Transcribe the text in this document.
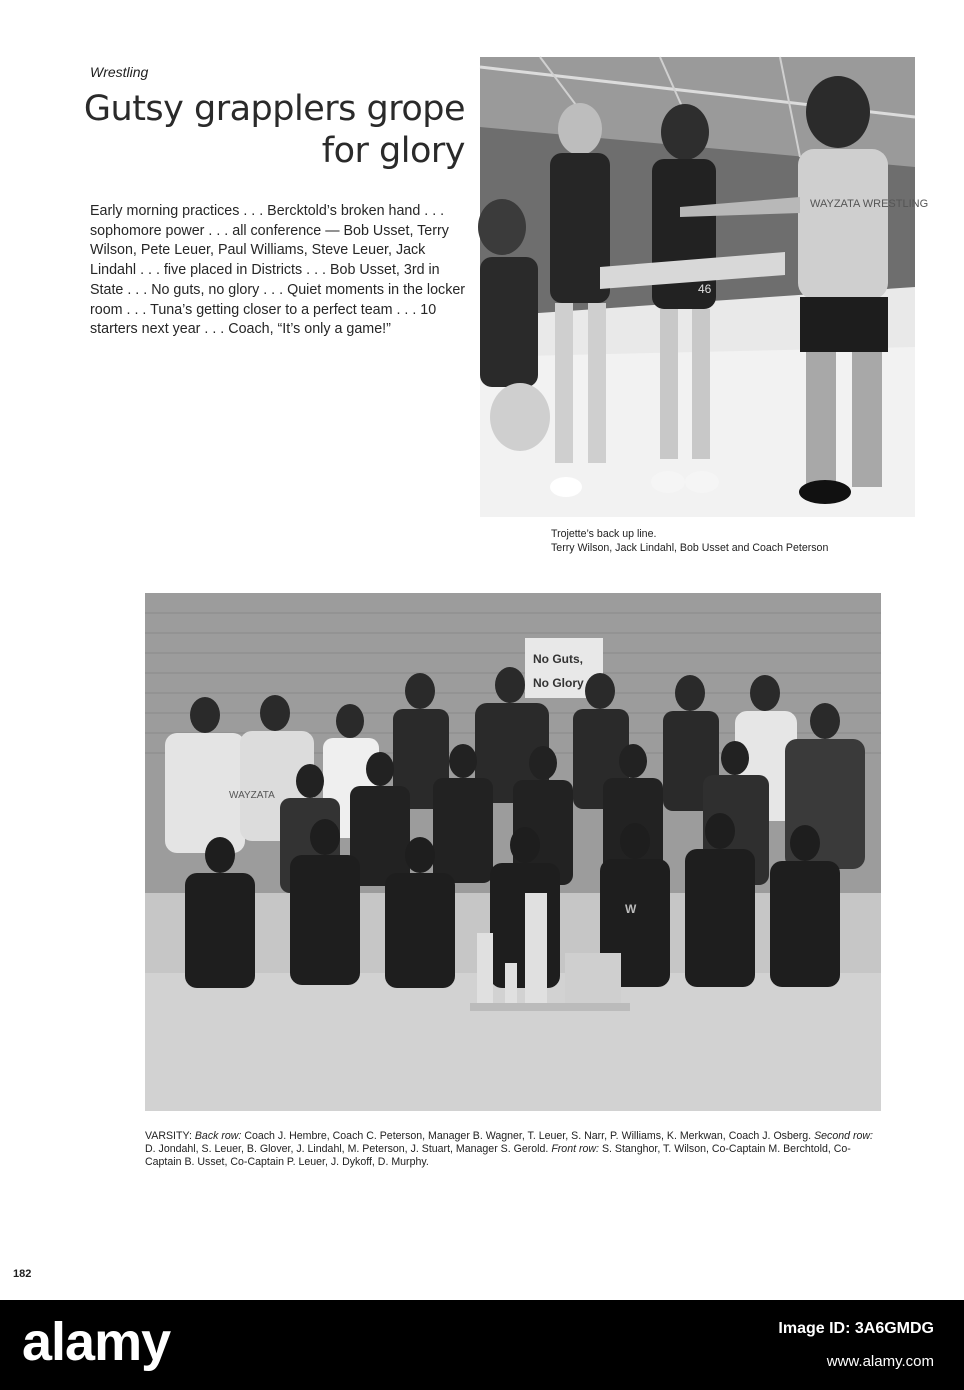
Wrestling
Gutsy grapplers grope
for glory

Early morning practices . . . Bercktold’s broken hand . . . sophomore power . . . all conference — Bob Usset, Terry Wilson, Pete Leuer, Paul Williams, Steve Leuer, Jack Lindahl . . . five placed in Districts . . . Bob Usset, 3rd in State . . . No guts, no glory . . . Quiet moments in the locker room . . . Tuna’s getting closer to a perfect team . . . 10 starters next year . . . Coach, “It’s only a game!”

46
WAYZATA WRESTLING

Trojette’s back up line.
Terry Wilson, Jack Lindahl, Bob Usset and Coach Peterson

No Guts,
No Glory
WAYZATA
W

VARSITY: Back row: Coach J. Hembre, Coach C. Peterson, Manager B. Wagner, T. Leuer, S. Narr, P. Williams, K. Merkwan, Coach J. Osberg. Second row: D. Jondahl, S. Leuer, B. Glover, J. Lindahl, M. Peterson, J. Stuart, Manager S. Gerold. Front row: S. Stanghor, T. Wilson, Co-Captain M. Berchtold, Co-Captain B. Usset, Co-Captain P. Leuer, J. Dykoff, D. Murphy.

182
alamy	Image ID: 3A6GMDG
www.alamy.com
